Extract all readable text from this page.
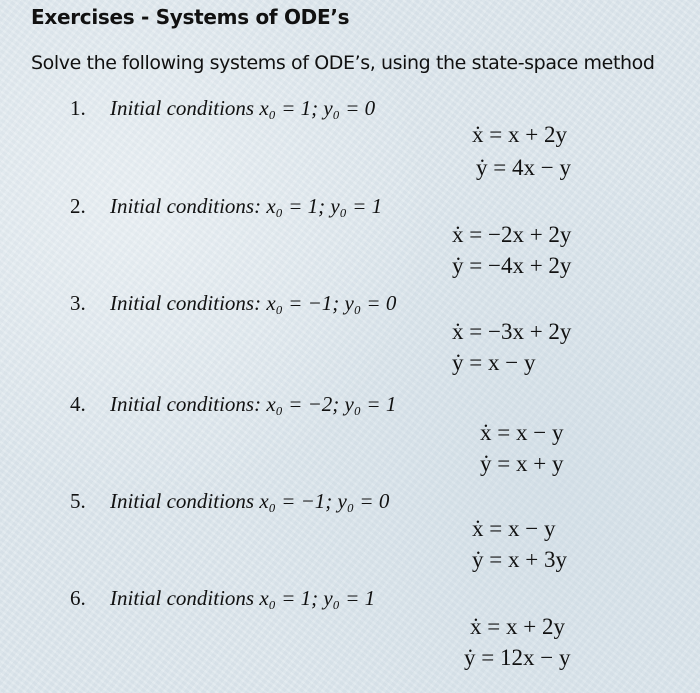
Exercises - Systems of ODE’s
Solve the following systems of ODE’s, using the state-space method
1. Initial conditions x₀ = 1; y₀ = 0
ẋ = x + 2y
ẏ = 4x − y
2. Initial conditions: x₀ = 1; y₀ = 1
ẋ = −2x + 2y
ẏ = −4x + 2y
3. Initial conditions: x₀ = −1; y₀ = 0
ẋ = −3x + 2y
ẏ = x − y
4. Initial conditions: x₀ = −2; y₀ = 1
ẋ = x − y
ẏ = x + y
5. Initial conditions x₀ = −1; y₀ = 0
ẋ = x − y
ẏ = x + 3y
6. Initial conditions x₀ = 1; y₀ = 1
ẋ = x + 2y
ẏ = 12x − y
